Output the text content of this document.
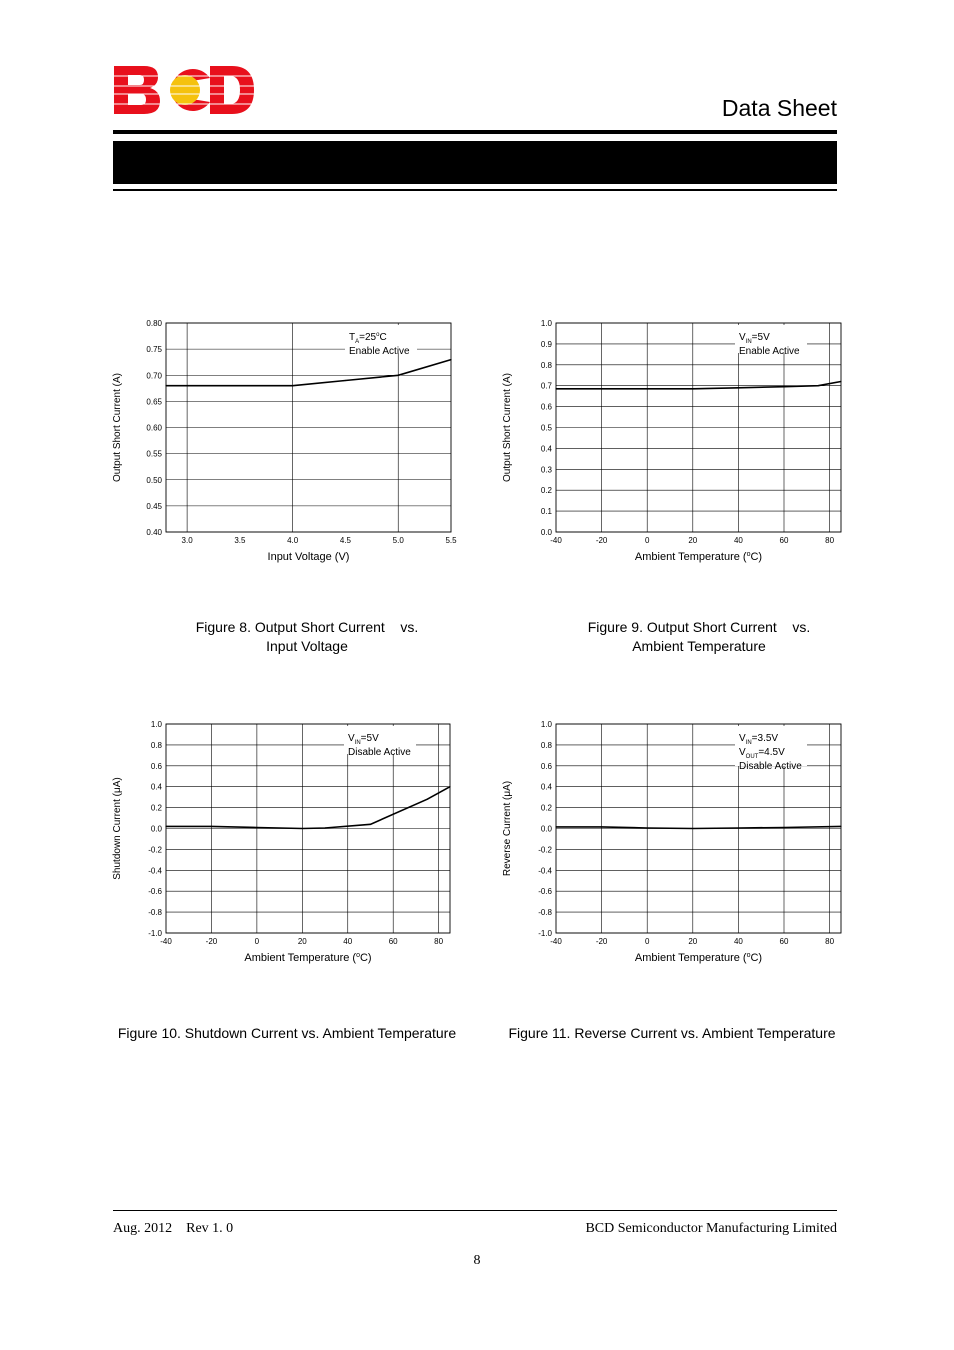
Data Sheet
0.80
0.75
0.70
0.65
0.60
0.55
0.50
0.45
0.40
3.0	3.5	4.0	4.5	5.0	5.5
$T_A=25^oC$
Enable Active
Input Voltage (V)
Output Short Current (A)
1.0
0.9
0.8
0.7
0.6
0.5
0.4
0.3
0.2
0.1
0.0
-40	-20	0	20	40	60	80
$V_{IN}=5V$
Enable Active
Ambient Temperature ($^o$C)
Output Short Current (A)
1.0
0.8
0.6
0.4
0.2
0.0
-0.2
-0.4
-0.6
-0.8
-1.0
-40	-20	0	20	40	60	80
$V_{IN}=5V$
Disable Active
Ambient Temperature ($^o$C)
Shutdown Current (μA)
1.0
0.8
0.6
0.4
0.2
0.0
-0.2
-0.4
-0.6
-0.8
-1.0
-40	-20	0	20	40	60	80
$V_{IN}=3.5V$
$V_{OUT}=4.5V$
Disable Active
Ambient Temperature ($^o$C)
Reverse Current (μA)
Figure 8. Output Short Current    vs.
Input Voltage
Figure 9. Output Short Current    vs.
Ambient Temperature
Figure 10. Shutdown Current vs. Ambient Temperature	Figure 11. Reverse Current vs. Ambient Temperature
Aug. 2012    Rev 1. 0	BCD Semiconductor Manufacturing Limited
8
